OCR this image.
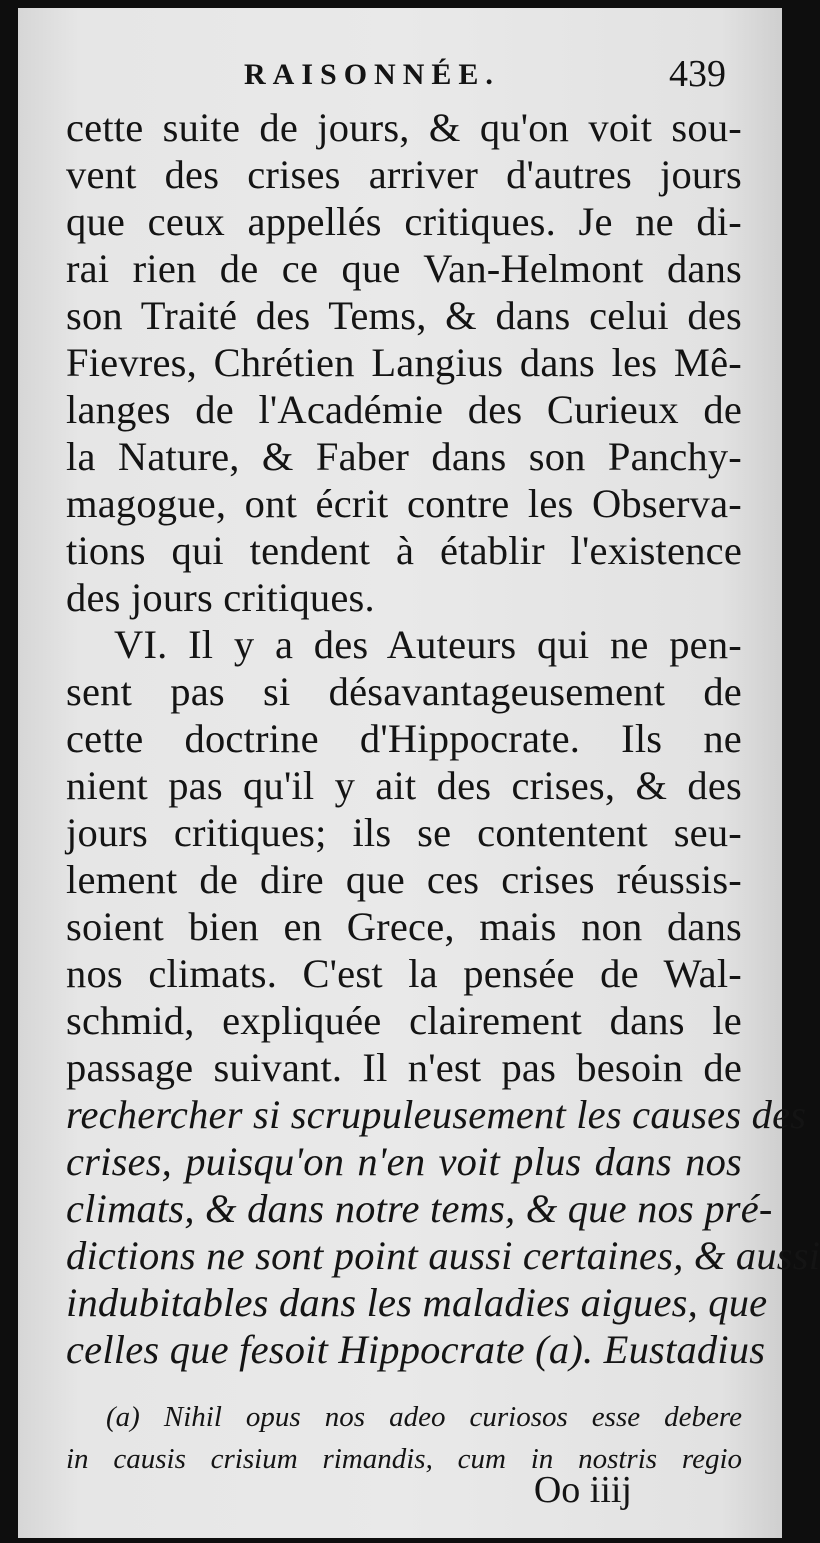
RAISONNÉE.	439
cette suite de jours, & qu'on voit sou-
vent des crises arriver d'autres jours
que ceux appellés critiques. Je ne di-
rai rien de ce que Van-Helmont dans
son Traité des Tems, & dans celui des
Fievres, Chrétien Langius dans les Mê-
langes de l'Académie des Curieux de
la Nature, & Faber dans son Panchy-
magogue, ont écrit contre les Observa-
tions qui tendent à établir l'existence
des jours critiques.
VI. Il y a des Auteurs qui ne pen-
sent pas si désavantageusement de
cette doctrine d'Hippocrate. Ils ne
nient pas qu'il y ait des crises, & des
jours critiques; ils se contentent seu-
lement de dire que ces crises réussis-
soient bien en Grece, mais non dans
nos climats. C'est la pensée de Wal-
schmid, expliquée clairement dans le
passage suivant. Il n'est pas besoin de
rechercher si scrupuleusement les causes des
crises, puisqu'on n'en voit plus dans nos
climats, & dans notre tems, & que nos pré-
dictions ne sont point aussi certaines, & aussi
indubitables dans les maladies aigues, que
celles que fesoit Hippocrate (a). Eustadius
(a) Nihil opus nos adeo curiosos esse debere
in causis crisium rimandis, cum in nostris regio
Oo iiij
